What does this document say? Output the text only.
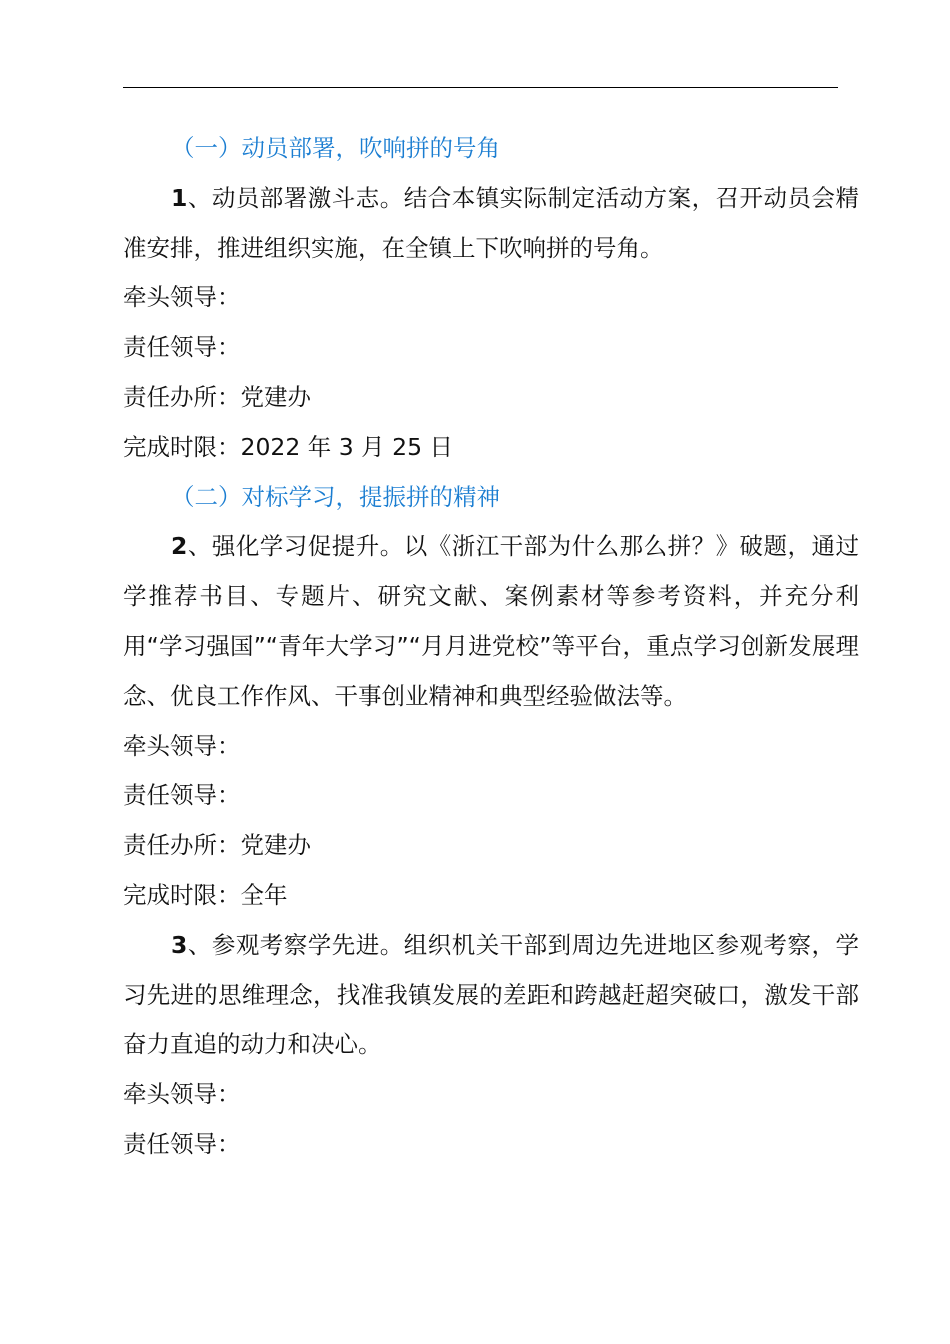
（一）动员部署，吹响拼的号角

1、动员部署激斗志。结合本镇实际制定活动方案，召开动员会精准安排，推进组织实施，在全镇上下吹响拼的号角。

牵头领导：

责任领导：

责任办所：党建办

完成时限：2022 年 3 月 25 日

（二）对标学习，提振拼的精神

2、强化学习促提升。以《浙江干部为什么那么拼？》破题，通过学推荐书目、专题片、研究文献、案例素材等参考资料，并充分利用“学习强国”“青年大学习”“月月进党校”等平台，重点学习创新发展理念、优良工作作风、干事创业精神和典型经验做法等。

牵头领导：

责任领导：

责任办所：党建办

完成时限：全年

3、参观考察学先进。组织机关干部到周边先进地区参观考察，学习先进的思维理念，找准我镇发展的差距和跨越赶超突破口，激发干部奋力直追的动力和决心。

牵头领导：

责任领导：
